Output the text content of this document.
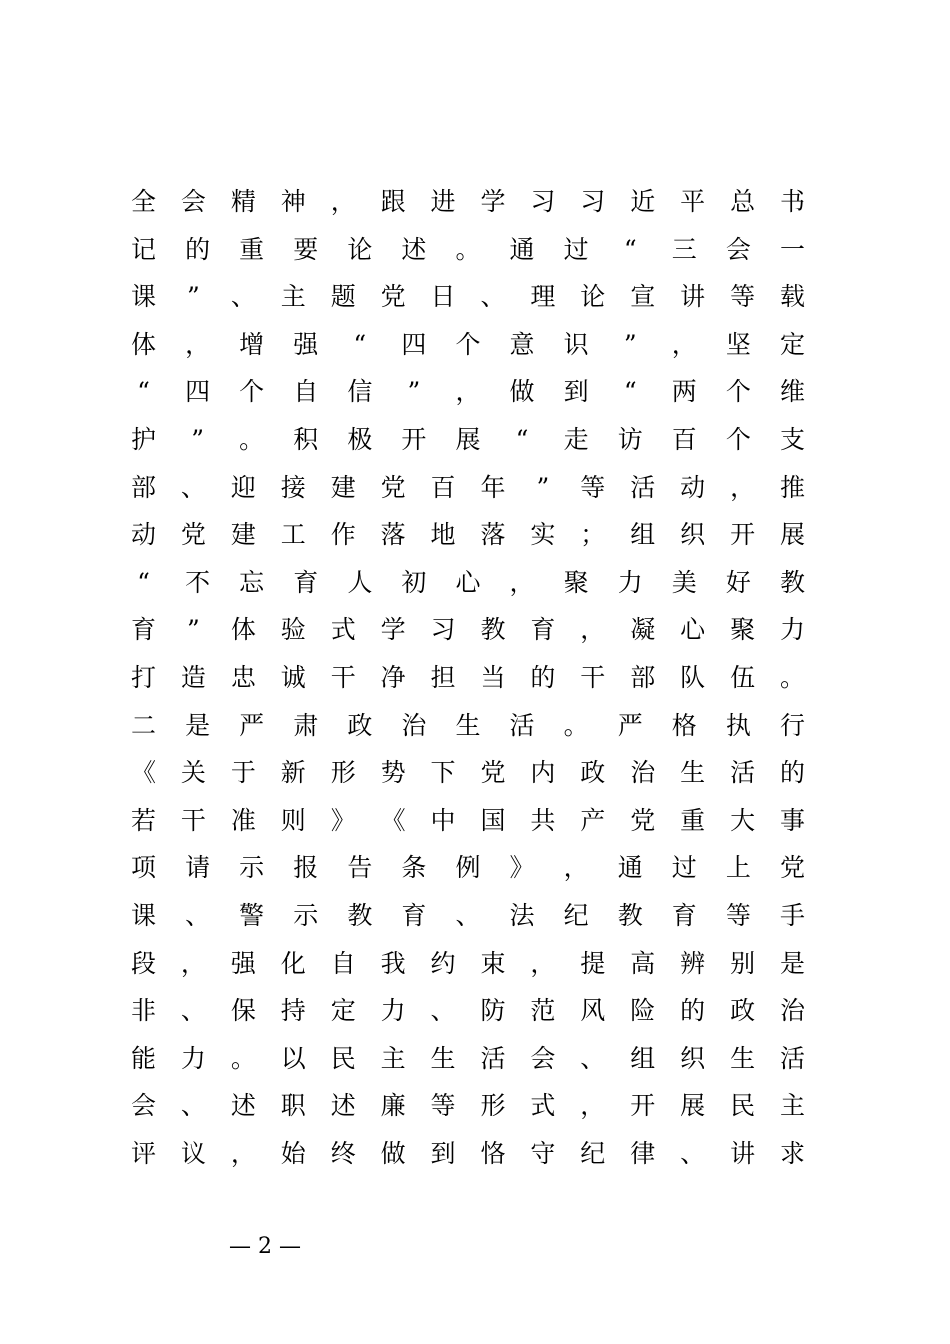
全 会 精 神 ， 跟 进 学 习 习 近 平 总 书
记 的 重 要 论 述 。 通 过 “ 三 会 一
课 ” 、 主 题 党 日 、 理 论 宣 讲 等 载
体 ， 增 强 “ 四 个 意 识 ” ， 坚 定
“ 四 个 自 信 ” ， 做 到 “ 两 个 维
护 ” 。 积 极 开 展 “ 走 访 百 个 支
部 、 迎 接 建 党 百 年 ” 等 活 动 ， 推
动 党 建 工 作 落 地 落 实 ； 组 织 开 展
“ 不 忘 育 人 初 心 ， 聚 力 美 好 教
育 ” 体 验 式 学 习 教 育 ， 凝 心 聚 力
打 造 忠 诚 干 净 担 当 的 干 部 队 伍 。
二 是 严 肃 政 治 生 活 。 严 格 执 行
《 关 于 新 形 势 下 党 内 政 治 生 活 的
若 干 准 则 》 《 中 国 共 产 党 重 大 事
项 请 示 报 告 条 例 》 ， 通 过 上 党
课 、 警 示 教 育 、 法 纪 教 育 等 手
段 ， 强 化 自 我 约 束 ， 提 高 辨 别 是
非 、 保 持 定 力 、 防 范 风 险 的 政 治
能 力 。 以 民 主 生 活 会 、 组 织 生 活
会 、 述 职 述 廉 等 形 式 ， 开 展 民 主
评 议 ， 始 终 做 到 恪 守 纪 律 、 讲 求
— 2 —
